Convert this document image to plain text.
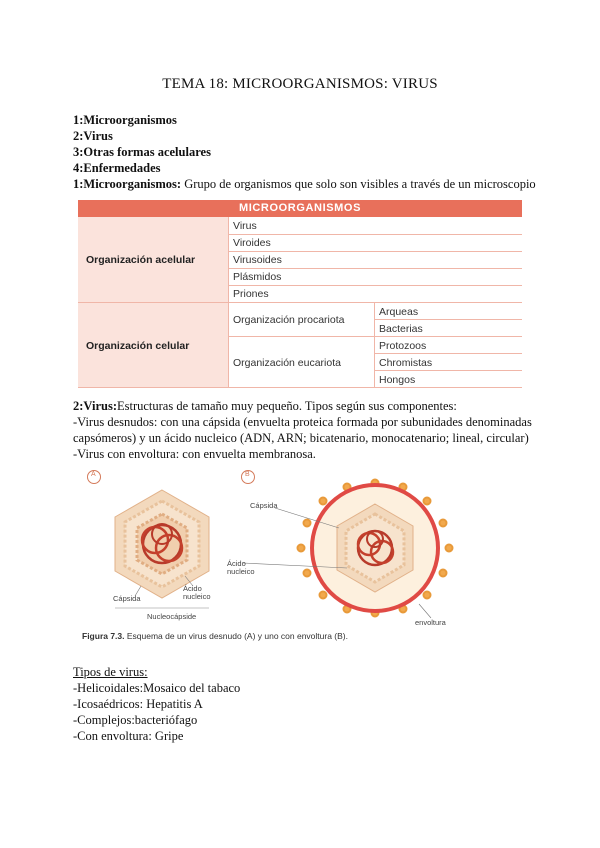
TEMA 18: MICROORGANISMOS: VIRUS
1:Microorganismos
2:Virus
3:Otras formas acelulares
4:Enfermedades
1:Microorganismos: Grupo de organismos que solo son visibles a través de un microscopio
MICROORGANISMOS
Organización acelular
Organización celular
Virus
Viroides
Virusoides
Plásmidos
Priones
Organización procariota
Organización eucariota
Arqueas
Bacterias
Protozoos
Chromistas
Hongos
2:Virus:Estructuras de tamaño muy pequeño. Tipos según sus componentes:
-Virus desnudos: con una cápsida (envuelta proteica formada por subunidades denominadas
capsómeros) y un ácido nucleico (ADN, ARN; bicatenario, monocatenario; lineal, circular)
-Virus con envoltura: con envuelta membranosa.
A	B
Cápsida
Ácido nucleico
Nucleocápside
Cápsida
Ácido nucleico
envoltura
Figura 7.3. Esquema de un virus desnudo (A) y uno con envoltura (B).
Tipos de virus:
-Helicoidales:Mosaico del tabaco
-Icosaédricos: Hepatitis A
-Complejos:bacteriófago
-Con envoltura: Gripe
